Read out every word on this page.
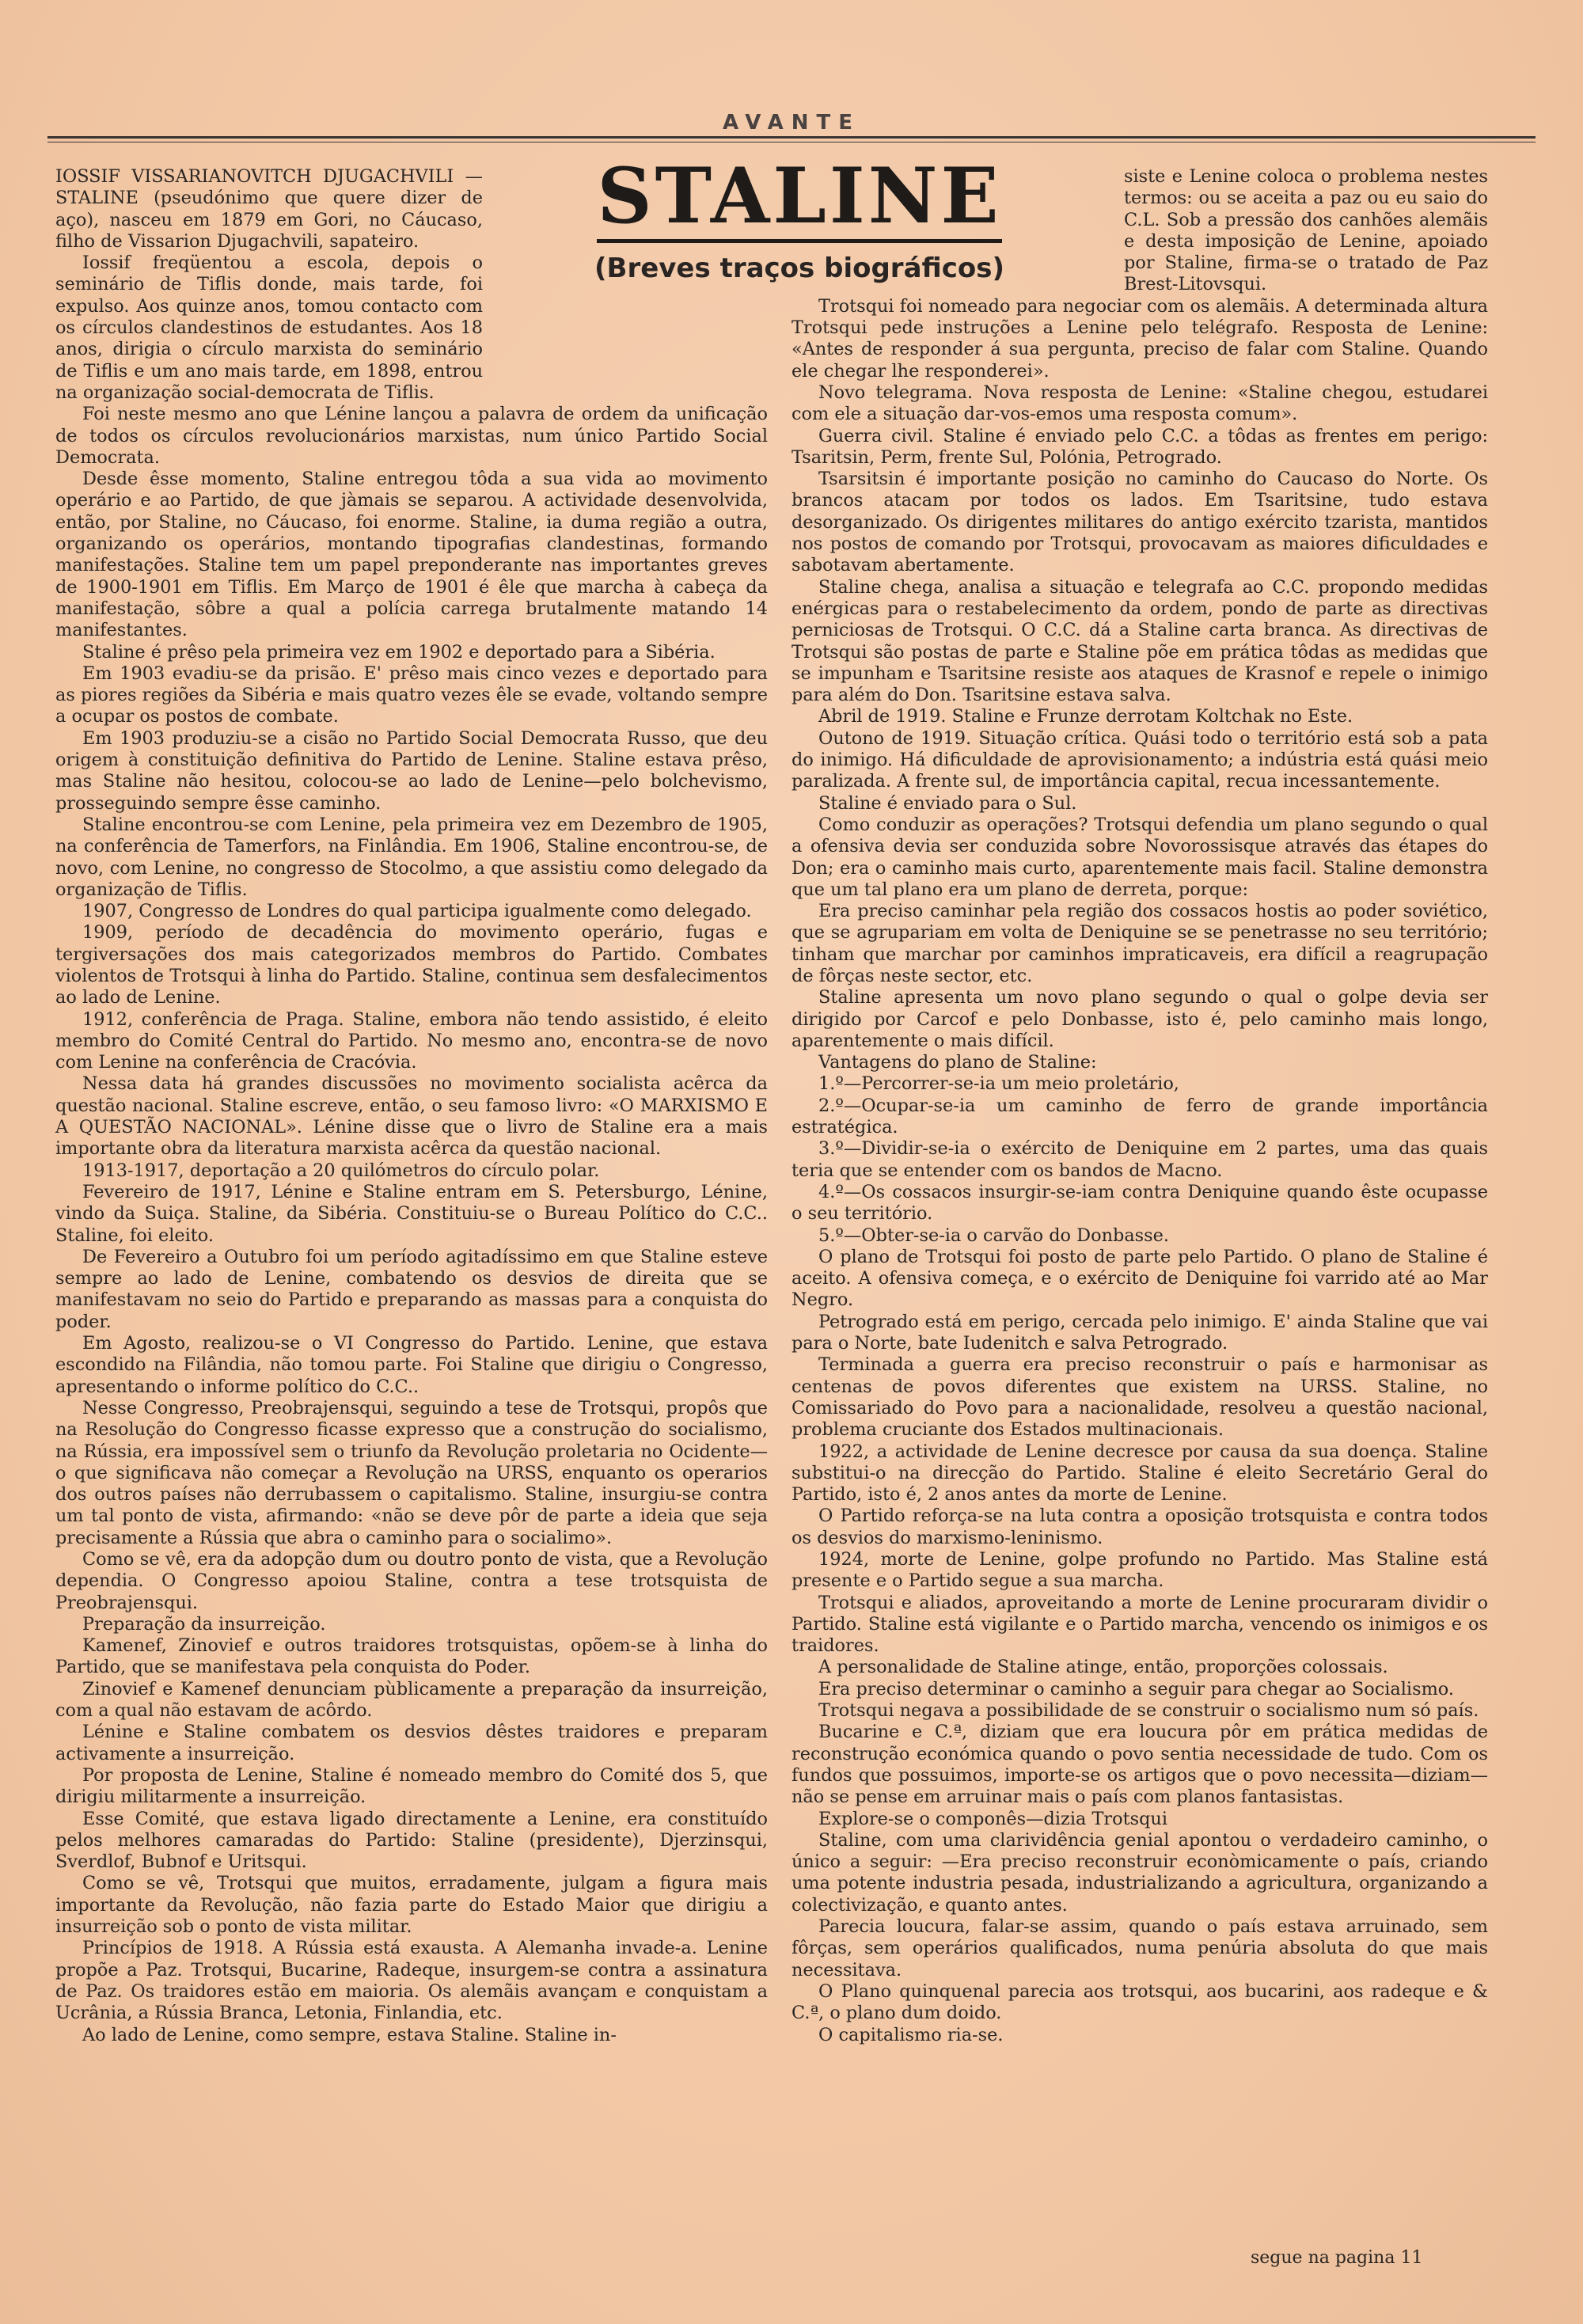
AVANTE
STALINE
(Breves traços biográficos)

IOSSIF VISSARIANOVITCH DJUGACHVILI — STALINE (pseudónimo que quere dizer de aço), nasceu em 1879 em Gori, no Cáucaso, filho de Vissarion Djugachvili, sapateiro.

Iossif freqüentou a escola, depois o seminário de Tiflis donde, mais tarde, foi expulso. Aos quinze anos, tomou contacto com os círculos clandestinos de estudantes. Aos 18 anos, dirigia o círculo marxista do seminário de Tiflis e um ano mais tarde, em 1898, entrou na organização social-democrata de Tiflis.

Foi neste mesmo ano que Lénine lançou a palavra de ordem da unificação de todos os círculos revolucionários marxistas, num único Partido Social Democrata.

Desde êsse momento, Staline entregou tôda a sua vida ao movimento operário e ao Partido, de que jàmais se separou. A actividade desenvolvida, então, por Staline, no Cáucaso, foi enorme. Staline, ia duma região a outra, organizando os operários, montando tipografias clandestinas, formando manifestações. Staline tem um papel preponderante nas importantes greves de 1900-1901 em Tiflis. Em Março de 1901 é êle que marcha à cabeça da manifestação, sôbre a qual a polícia carrega brutalmente matando 14 manifestantes.

Staline é prêso pela primeira vez em 1902 e deportado para a Sibéria.

Em 1903 evadiu-se da prisão. E' prêso mais cinco vezes e deportado para as piores regiões da Sibéria e mais quatro vezes êle se evade, voltando sempre a ocupar os postos de combate.

Em 1903 produziu-se a cisão no Partido Social Democrata Russo, que deu origem à constituição definitiva do Partido de Lenine. Staline estava prêso, mas Staline não hesitou, colocou-se ao lado de Lenine—pelo bolchevismo, prosseguindo sempre êsse caminho.

Staline encontrou-se com Lenine, pela primeira vez em Dezembro de 1905, na conferência de Tamerfors, na Finlândia. Em 1906, Staline encontrou-se, de novo, com Lenine, no congresso de Stocolmo, a que assistiu como delegado da organização de Tiflis.

1907, Congresso de Londres do qual participa igualmente como delegado.

1909, período de decadência do movimento operário, fugas e tergiversações dos mais categorizados membros do Partido. Combates violentos de Trotsqui à linha do Partido. Staline, continua sem desfalecimentos ao lado de Lenine.

1912, conferência de Praga. Staline, embora não tendo assistido, é eleito membro do Comité Central do Partido. No mesmo ano, encontra-se de novo com Lenine na conferência de Cracóvia.

Nessa data há grandes discussões no movimento socialista acêrca da questão nacional. Staline escreve, então, o seu famoso livro: «O MARXISMO E A QUESTÃO NACIONAL». Lénine disse que o livro de Staline era a mais importante obra da literatura marxista acêrca da questão nacional.

1913-1917, deportação a 20 quilómetros do círculo polar.

Fevereiro de 1917, Lénine e Staline entram em S. Petersburgo, Lénine, vindo da Suiça. Staline, da Sibéria. Constituiu-se o Bureau Político do C.C.. Staline, foi eleito.

De Fevereiro a Outubro foi um período agitadíssimo em que Staline esteve sempre ao lado de Lenine, combatendo os desvios de direita que se manifestavam no seio do Partido e preparando as massas para a conquista do poder.

Em Agosto, realizou-se o VI Congresso do Partido. Lenine, que estava escondido na Filândia, não tomou parte. Foi Staline que dirigiu o Congresso, apresentando o informe político do C.C..

Nesse Congresso, Preobrajensqui, seguindo a tese de Trotsqui, propôs que na Resolução do Congresso ficasse expresso que a construção do socialismo, na Rússia, era impossível sem o triunfo da Revolução proletaria no Ocidente—o que significava não começar a Revolução na URSS, enquanto os operarios dos outros países não derrubassem o capitalismo. Staline, insurgiu-se contra um tal ponto de vista, afirmando: «não se deve pôr de parte a ideia que seja precisamente a Rússia que abra o caminho para o socialimo».

Como se vê, era da adopção dum ou doutro ponto de vista, que a Revolução dependia. O Congresso apoiou Staline, contra a tese trotsquista de Preobrajensqui.

Preparação da insurreição.

Kamenef, Zinovief e outros traidores trotsquistas, opõem-se à linha do Partido, que se manifestava pela conquista do Poder.

Zinovief e Kamenef denunciam pùblicamente a preparação da insurreição, com a qual não estavam de acôrdo.

Lénine e Staline combatem os desvios dêstes traidores e preparam activamente a insurreição.

Por proposta de Lenine, Staline é nomeado membro do Comité dos 5, que dirigiu militarmente a insurreição.

Esse Comité, que estava ligado directamente a Lenine, era constituído pelos melhores camaradas do Partido: Staline (presidente), Djerzinsqui, Sverdlof, Bubnof e Uritsqui.

Como se vê, Trotsqui que muitos, erradamente, julgam a figura mais importante da Revolução, não fazia parte do Estado Maior que dirigiu a insurreição sob o ponto de vista militar.

Princípios de 1918. A Rússia está exausta. A Alemanha invade-a. Lenine propõe a Paz. Trotsqui, Bucarine, Radeque, insurgem-se contra a assinatura de Paz. Os traidores estão em maioria. Os alemãis avançam e conquistam a Ucrânia, a Rússia Branca, Letonia, Finlandia, etc.

Ao lado de Lenine, como sempre, estava Staline. Staline in-

siste e Lenine coloca o problema nestes termos: ou se aceita a paz ou eu saio do C.L. Sob a pressão dos canhões alemãis e desta imposição de Lenine, apoiado por Staline, firma-se o tratado de Paz Brest-Litovsqui.

Trotsqui foi nomeado para negociar com os alemãis. A determinada altura Trotsqui pede instruções a Lenine pelo telégrafo. Resposta de Lenine: «Antes de responder á sua pergunta, preciso de falar com Staline. Quando ele chegar lhe responderei».

Novo telegrama. Nova resposta de Lenine: «Staline chegou, estudarei com ele a situação dar-vos-emos uma resposta comum».

Guerra civil. Staline é enviado pelo C.C. a tôdas as frentes em perigo: Tsaritsin, Perm, frente Sul, Polónia, Petrogrado.

Tsarsitsin é importante posição no caminho do Caucaso do Norte. Os brancos atacam por todos os lados. Em Tsaritsine, tudo estava desorganizado. Os dirigentes militares do antigo exército tzarista, mantidos nos postos de comando por Trotsqui, provocavam as maiores dificuldades e sabotavam abertamente.

Staline chega, analisa a situação e telegrafa ao C.C. propondo medidas enérgicas para o restabelecimento da ordem, pondo de parte as directivas perniciosas de Trotsqui. O C.C. dá a Staline carta branca. As directivas de Trotsqui são postas de parte e Staline põe em prática tôdas as medidas que se impunham e Tsaritsine resiste aos ataques de Krasnof e repele o inimigo para além do Don. Tsaritsine estava salva.

Abril de 1919. Staline e Frunze derrotam Koltchak no Este.

Outono de 1919. Situação crítica. Quási todo o território está sob a pata do inimigo. Há dificuldade de aprovisionamento; a indústria está quási meio paralizada. A frente sul, de importância capital, recua incessantemente.

Staline é enviado para o Sul.

Como conduzir as operações? Trotsqui defendia um plano segundo o qual a ofensiva devia ser conduzida sobre Novorossisque através das étapes do Don; era o caminho mais curto, aparentemente mais facil. Staline demonstra que um tal plano era um plano de derreta, porque:

Era preciso caminhar pela região dos cossacos hostis ao poder soviético, que se agrupariam em volta de Deniquine se se penetrasse no seu território; tinham que marchar por caminhos impraticaveis, era difícil a reagrupação de fôrças neste sector, etc.

Staline apresenta um novo plano segundo o qual o golpe devia ser dirigido por Carcof e pelo Donbasse, isto é, pelo caminho mais longo, aparentemente o mais difícil.

Vantagens do plano de Staline:

1.º—Percorrer-se-ia um meio proletário,

2.º—Ocupar-se-ia um caminho de ferro de grande importância estratégica.

3.º—Dividir-se-ia o exército de Deniquine em 2 partes, uma das quais teria que se entender com os bandos de Macno.

4.º—Os cossacos insurgir-se-iam contra Deniquine quando êste ocupasse o seu território.

5.º—Obter-se-ia o carvão do Donbasse.

O plano de Trotsqui foi posto de parte pelo Partido. O plano de Staline é aceito. A ofensiva começa, e o exército de Deniquine foi varrido até ao Mar Negro.

Petrogrado está em perigo, cercada pelo inimigo. E' ainda Staline que vai para o Norte, bate Iudenitch e salva Petrogrado.

Terminada a guerra era preciso reconstruir o país e harmonisar as centenas de povos diferentes que existem na URSS. Staline, no Comissariado do Povo para a nacionalidade, resolveu a questão nacional, problema cruciante dos Estados multinacionais.

1922, a actividade de Lenine decresce por causa da sua doença. Staline substitui-o na direcção do Partido. Staline é eleito Secretário Geral do Partido, isto é, 2 anos antes da morte de Lenine.

O Partido reforça-se na luta contra a oposição trotsquista e contra todos os desvios do marxismo-leninismo.

1924, morte de Lenine, golpe profundo no Partido. Mas Staline está presente e o Partido segue a sua marcha.

Trotsqui e aliados, aproveitando a morte de Lenine procuraram dividir o Partido. Staline está vigilante e o Partido marcha, vencendo os inimigos e os traidores.

A personalidade de Staline atinge, então, proporções colossais.

Era preciso determinar o caminho a seguir para chegar ao Socialismo.

Trotsqui negava a possibilidade de se construir o socialismo num só país.

Bucarine e C.ª, diziam que era loucura pôr em prática medidas de reconstrução económica quando o povo sentia necessidade de tudo. Com os fundos que possuimos, importe-se os artigos que o povo necessita—diziam—não se pense em arruinar mais o país com planos fantasistas.

Explore-se o componês—dizia Trotsqui

Staline, com uma clarividência genial apontou o verdadeiro caminho, o único a seguir: —Era preciso reconstruir econòmicamente o país, criando uma potente industria pesada, industrializando a agricultura, organizando a colectivização, e quanto antes.

Parecia loucura, falar-se assim, quando o país estava arruinado, sem fôrças, sem operários qualificados, numa penúria absoluta do que mais necessitava.

O Plano quinquenal parecia aos trotsqui, aos bucarini, aos radeque e & C.ª, o plano dum doido.

O capitalismo ria-se.

segue na pagina 11
